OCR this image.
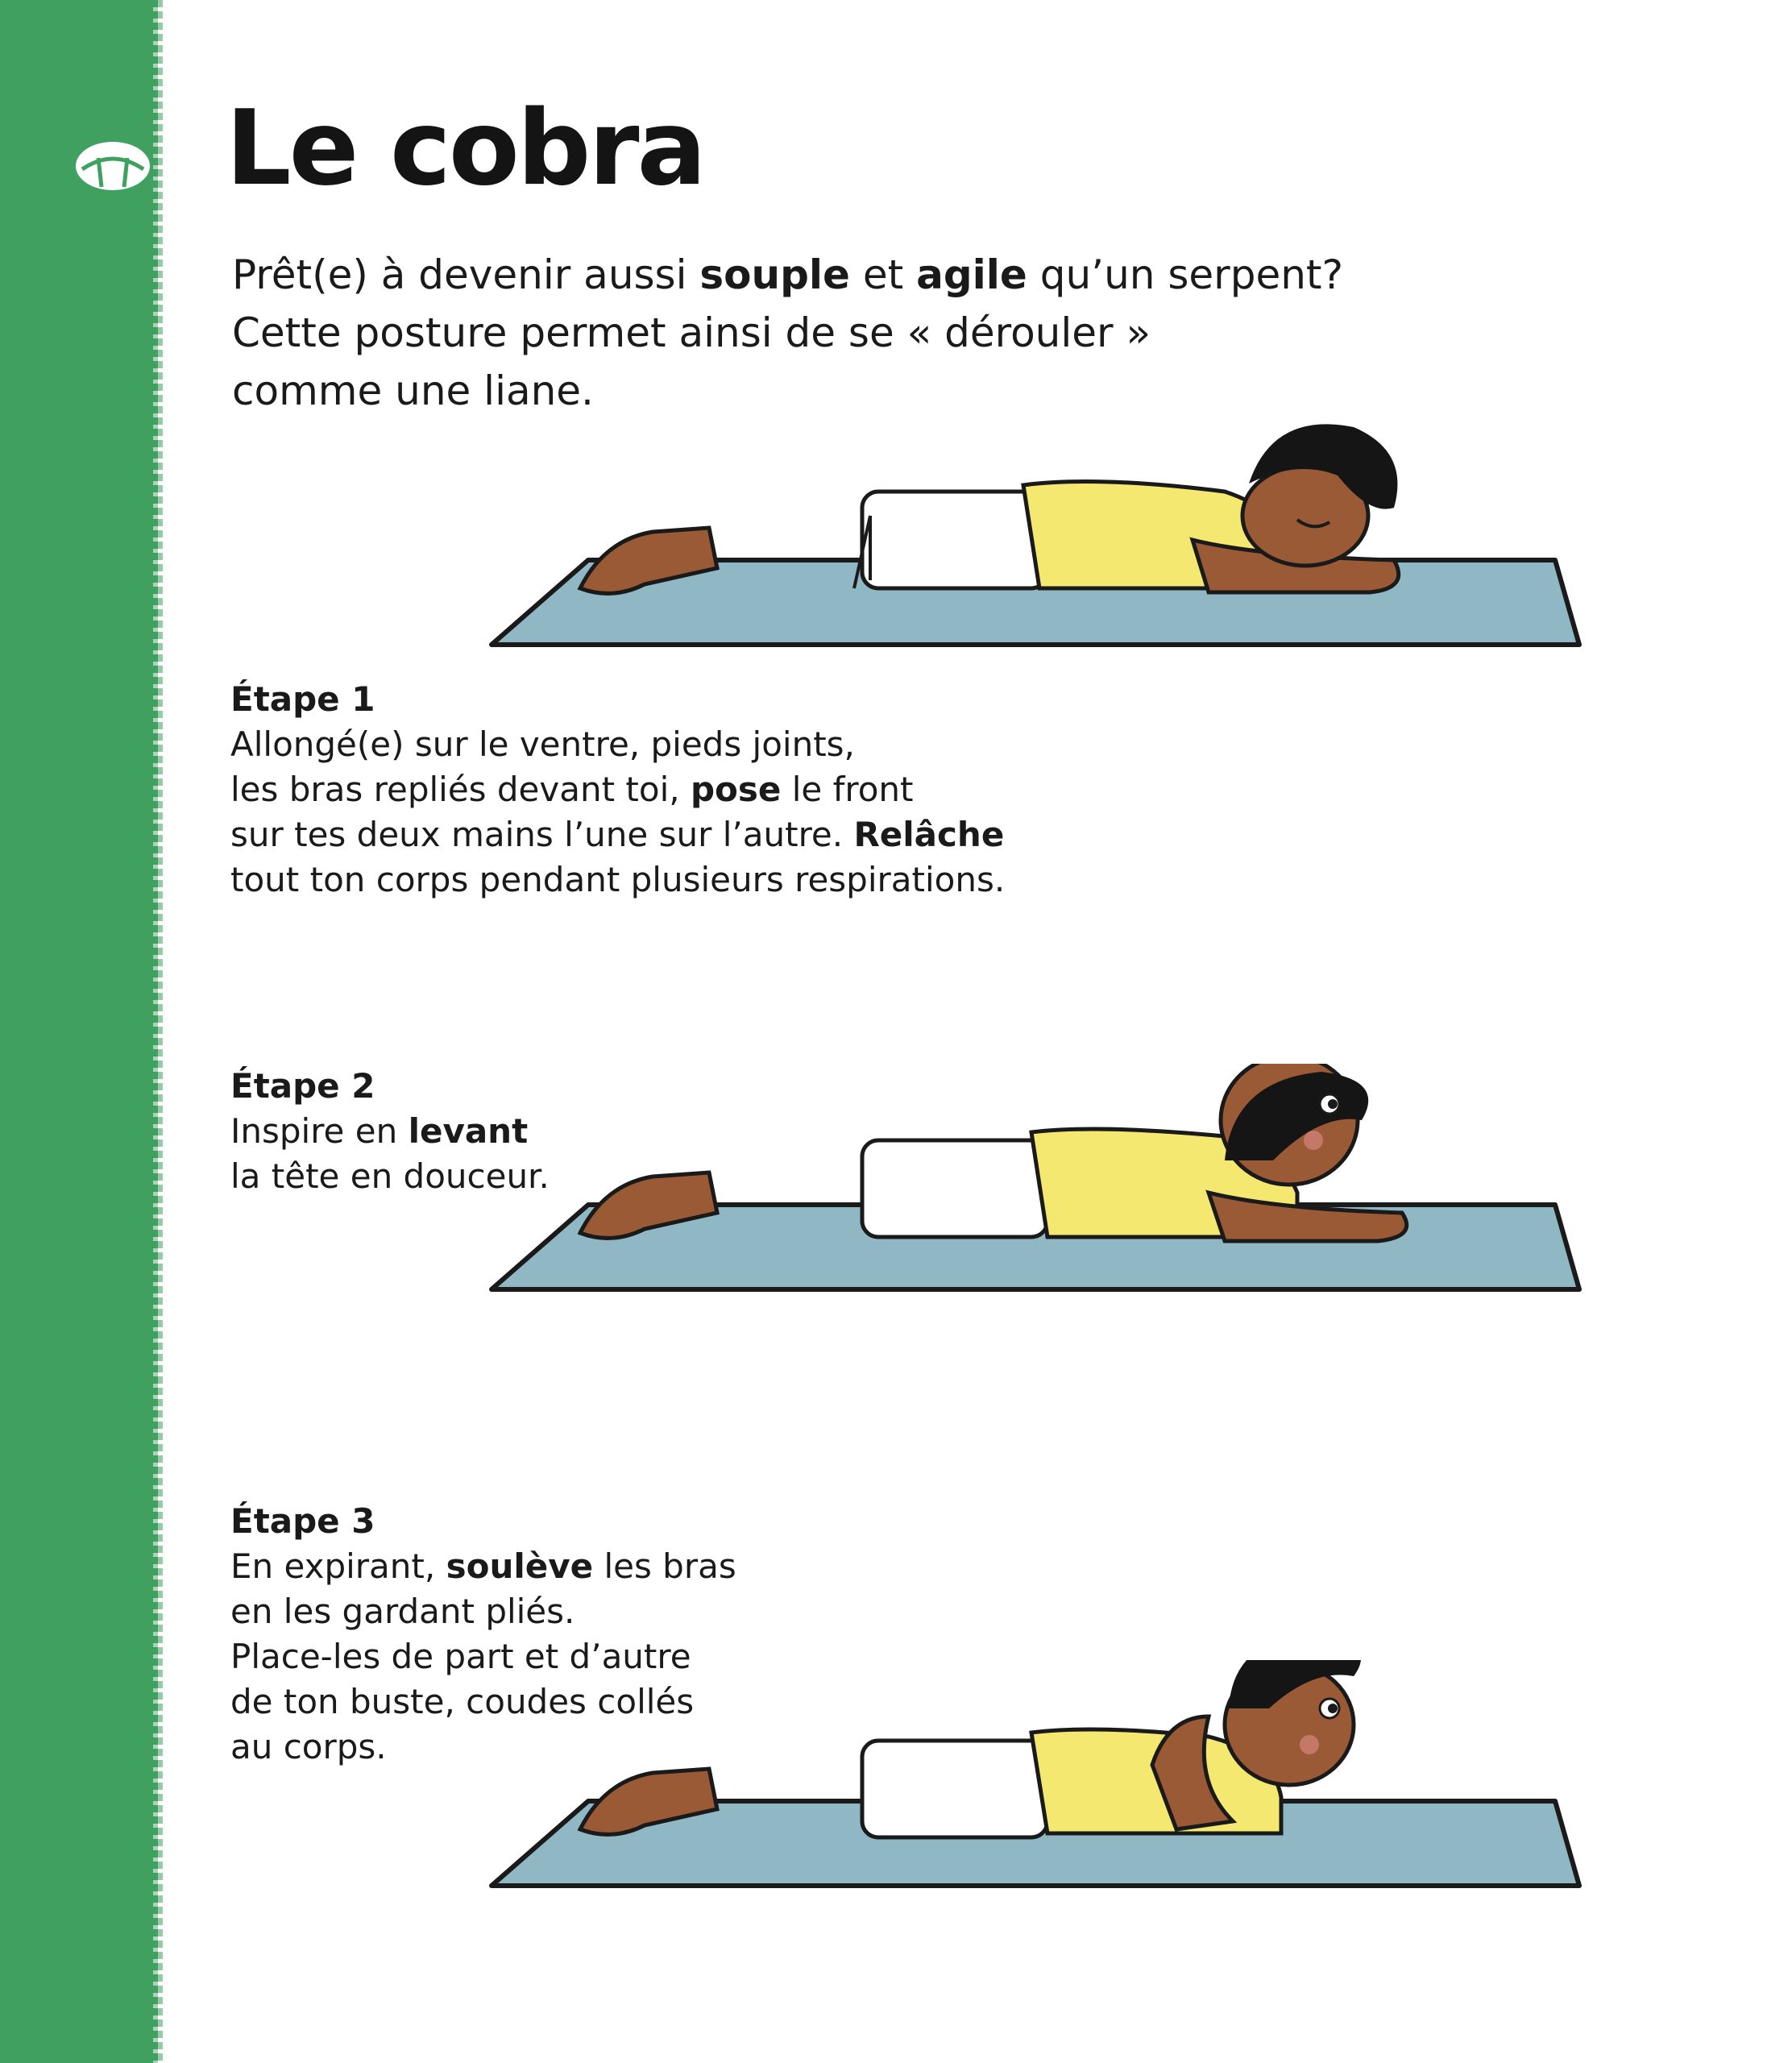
Le cobra

Prêt(e) à devenir aussi souple et agile qu’un serpent?
Cette posture permet ainsi de se « dérouler »
comme une liane.

Étape 1

Allongé(e) sur le ventre, pieds joints,
les bras repliés devant toi, pose le front
sur tes deux mains l’une sur l’autre. Relâche
tout ton corps pendant plusieurs respirations.

Étape 2

Inspire en levant
la tête en douceur.

Étape 3

En expirant, soulève les bras
en les gardant pliés.
Place-les de part et d’autre
de ton buste, coudes collés
au corps.
